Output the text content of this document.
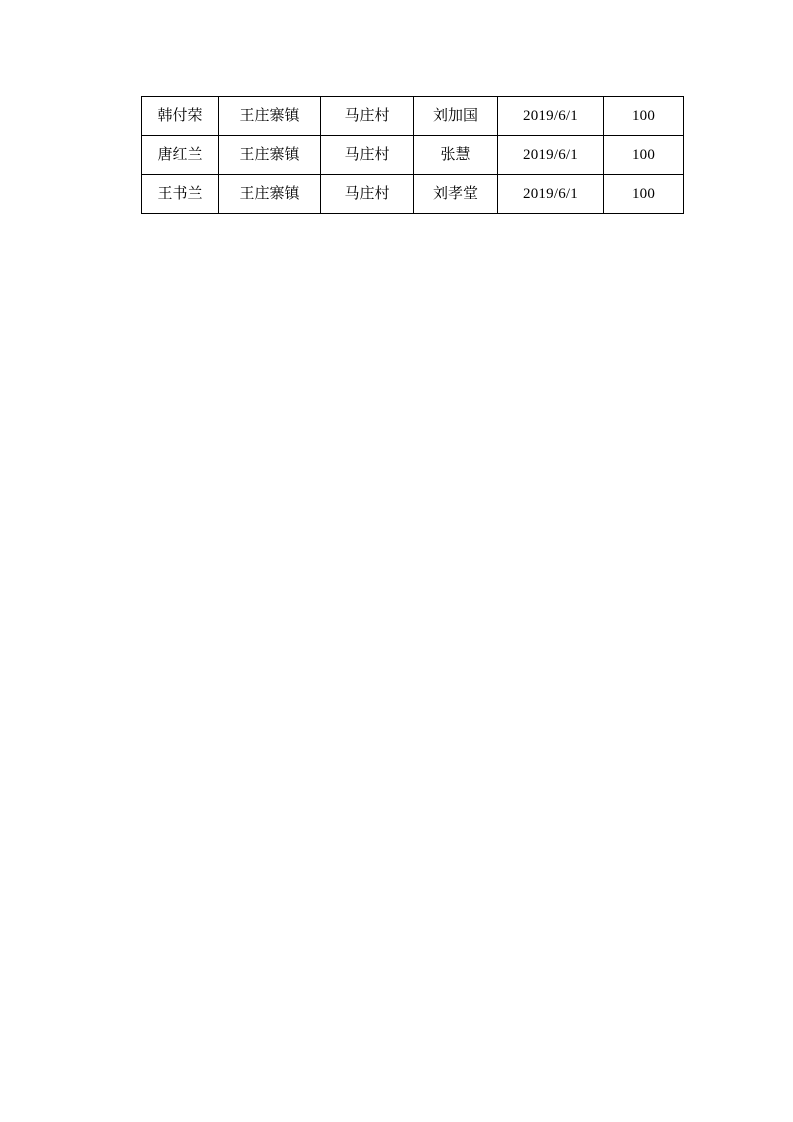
韩付荣	王庄寨镇	马庄村	刘加国	2019/6/1	100
唐红兰	王庄寨镇	马庄村	张慧	2019/6/1	100
王书兰	王庄寨镇	马庄村	刘孝堂	2019/6/1	100
